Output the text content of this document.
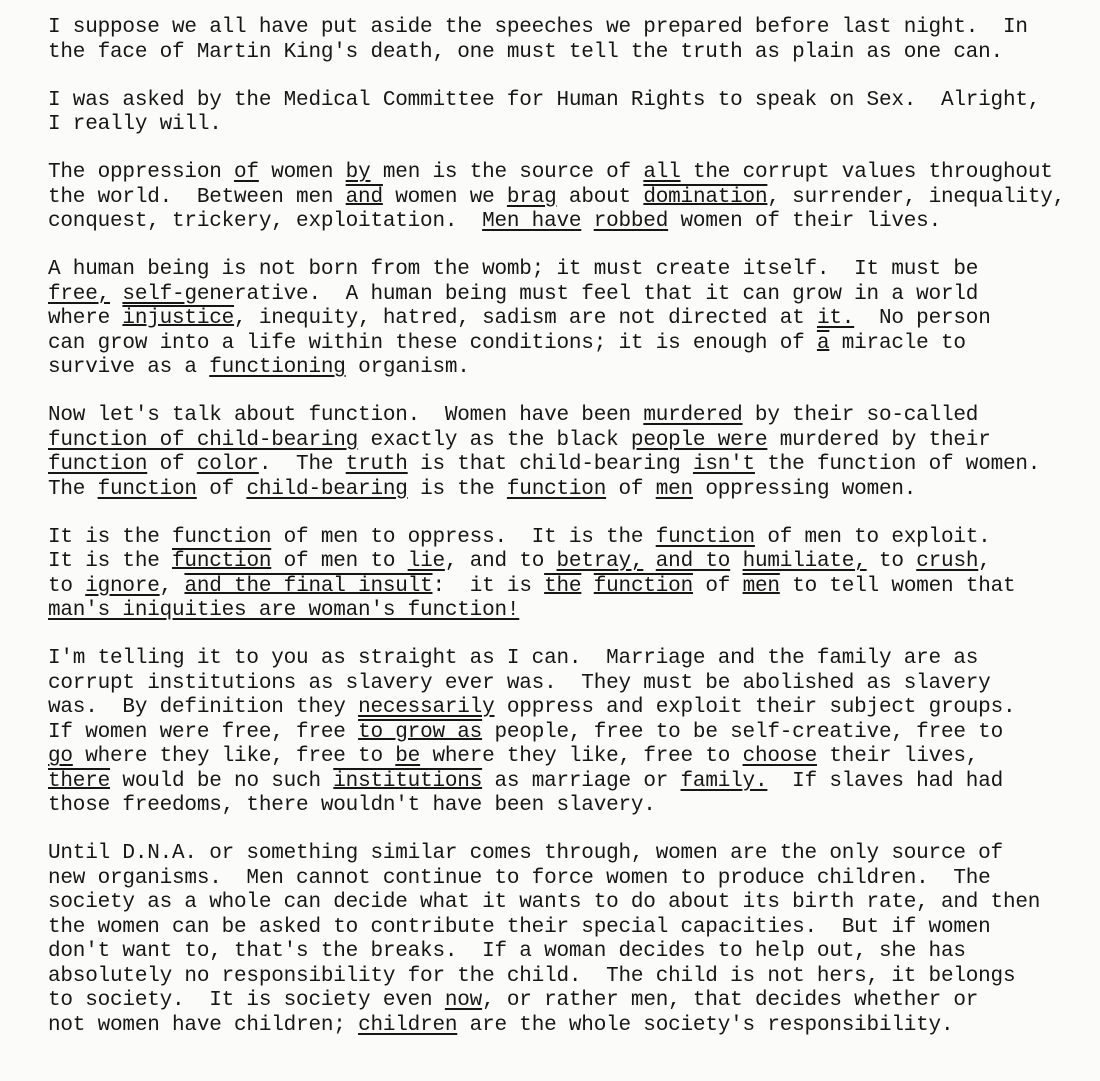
I suppose we all have put aside the speeches we prepared before last night.  In
the face of Martin King's death, one must tell the truth as plain as one can.
I was asked by the Medical Committee for Human Rights to speak on Sex.  Alright,
I really will.
The oppression of women by men is the source of all the corrupt values throughout
the world.  Between men and women we brag about domination, surrender, inequality,
conquest, trickery, exploitation.  Men have robbed women of their lives.
A human being is not born from the womb; it must create itself.  It must be
free, self-generative.  A human being must feel that it can grow in a world
where injustice, inequity, hatred, sadism are not directed at it.  No person
can grow into a life within these conditions; it is enough of a miracle to
survive as a functioning organism.
Now let's talk about function.  Women have been murdered by their so-called
function of child-bearing exactly as the black people were murdered by their
function of color.  The truth is that child-bearing isn't the function of women.
The function of child-bearing is the function of men oppressing women.
It is the function of men to oppress.  It is the function of men to exploit.
It is the function of men to lie, and to betray, and to humiliate, to crush,
to ignore, and the final insult:  it is the function of men to tell women that
man's iniquities are woman's function!
I'm telling it to you as straight as I can.  Marriage and the family are as
corrupt institutions as slavery ever was.  They must be abolished as slavery
was.  By definition they necessarily oppress and exploit their subject groups.
If women were free, free to grow as people, free to be self-creative, free to
go where they like, free to be where they like, free to choose their lives,
there would be no such institutions as marriage or family.  If slaves had had
those freedoms, there wouldn't have been slavery.
Until D.N.A. or something similar comes through, women are the only source of
new organisms.  Men cannot continue to force women to produce children.  The
society as a whole can decide what it wants to do about its birth rate, and then
the women can be asked to contribute their special capacities.  But if women
don't want to, that's the breaks.  If a woman decides to help out, she has
absolutely no responsibility for the child.  The child is not hers, it belongs
to society.  It is society even now, or rather men, that decides whether or
not women have children; children are the whole society's responsibility.
